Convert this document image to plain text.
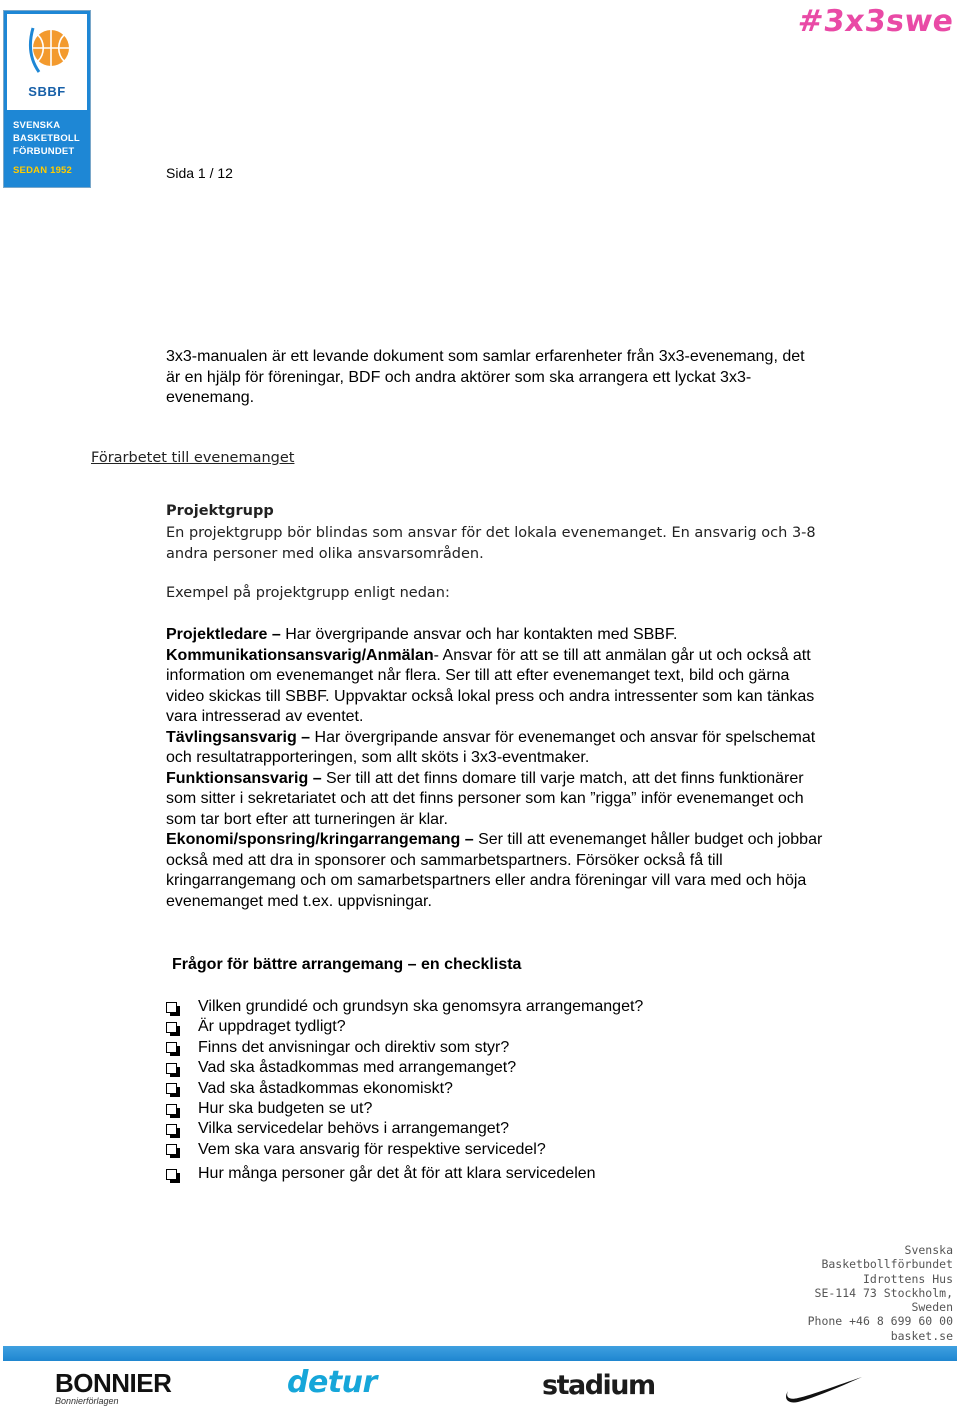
SBBF
SVENSKA
BASKETBOLL
FÖRBUNDET
SEDAN 1952
#3x3swe
Sida 1 / 12
3x3-manualen är ett levande dokument som samlar erfarenheter från 3x3-evenemang, det är en hjälp för föreningar, BDF och andra aktörer som ska arrangera ett lyckat 3x3-evenemang.
Förarbetet till evenemanget
Projektgrupp
En projektgrupp bör blindas som ansvar för det lokala evenemanget. En ansvarig och 3-8 andra personer med olika ansvarsområden.
Exempel på projektgrupp enligt nedan:

Projektledare – Har övergripande ansvar och har kontakten med SBBF.

Kommunikationsansvarig/Anmälan- Ansvar för att se till att anmälan går ut och också att information om evenemanget når flera. Ser till att efter evenemanget text, bild och gärna video skickas till SBBF. Uppvaktar också lokal press och andra intressenter som kan tänkas vara intresserad av eventet.

Tävlingsansvarig – Har övergripande ansvar för evenemanget och ansvar för spelschemat och resultatrapporteringen, som allt sköts i 3x3-eventmaker.

Funktionsansvarig – Ser till att det finns domare till varje match, att det finns funktionärer som sitter i sekretariatet och att det finns personer som kan ”rigga” inför evenemanget och som tar bort efter att turneringen är klar.

Ekonomi/sponsring/kringarrangemang – Ser till att evenemanget håller budget och jobbar också med att dra in sponsorer och sammarbetspartners. Försöker också få till kringarrangemang och om samarbetspartners eller andra föreningar vill vara med och höja evenemanget med t.ex. uppvisningar.

Frågor för bättre arrangemang – en checklista
Vilken grundidé och grundsyn ska genomsyra arrangemanget?
Är uppdraget tydligt?
Finns det anvisningar och direktiv som styr?
Vad ska åstadkommas med arrangemanget?
Vad ska åstadkommas ekonomiskt?
Hur ska budgeten se ut?
Vilka servicedelar behövs i arrangemanget?
Vem ska vara ansvarig för respektive servicedel?
Hur många personer går det åt för att klara servicedelen
Svenska
Basketbollförbundet
Idrottens Hus
SE-114 73 Stockholm,
Sweden
Phone +46 8 699 60 00
basket.se
BONNIER
Bonnierförlagen
detur	stadium
